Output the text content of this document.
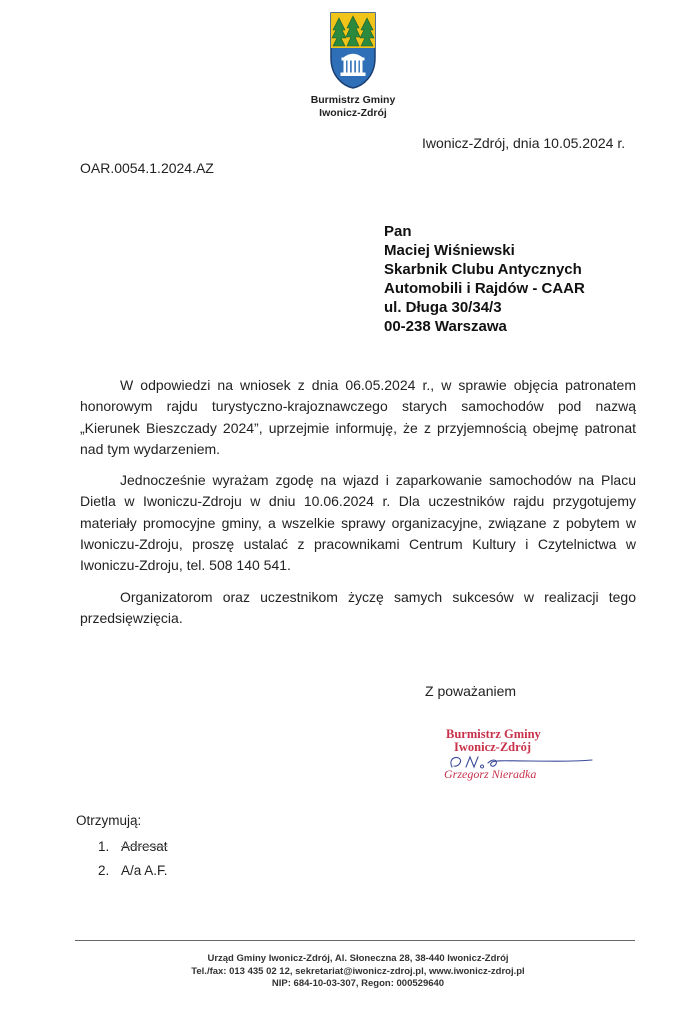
Burmistrz Gminy
Iwonicz-Zdrój
Iwonicz-Zdrój, dnia 10.05.2024 r.
OAR.0054.1.2024.AZ
Pan
Maciej Wiśniewski
Skarbnik Clubu Antycznych
Automobili i Rajdów - CAAR
ul. Długa 30/34/3
00-238 Warszawa

W odpowiedzi na wniosek z dnia 06.05.2024 r., w sprawie objęcia patronatem honorowym rajdu turystyczno-krajoznawczego starych samochodów pod nazwą „Kierunek Bieszczady 2024”, uprzejmie informuję, że z przyjemnością obejmę patronat nad tym wydarzeniem.

Jednocześnie wyrażam zgodę na wjazd i zaparkowanie samochodów na Placu Dietla w Iwoniczu-Zdroju w dniu 10.06.2024 r. Dla uczestników rajdu przygotujemy materiały promocyjne gminy, a wszelkie sprawy organizacyjne, związane z pobytem w Iwoniczu-Zdroju, proszę ustalać z pracownikami Centrum Kultury i Czytelnictwa w Iwoniczu-Zdroju, tel. 508 140 541.

Organizatorom oraz uczestnikom życzę samych sukcesów w realizacji tego przedsięwzięcia.

Z poważaniem
Burmistrz Gminy
Iwonicz-Zdrój
Grzegorz Nieradka
Otrzymują:
1. Adresat
2. A/a A.F.
Urząd Gminy Iwonicz-Zdrój, Al. Słoneczna 28, 38-440 Iwonicz-Zdrój
Tel./fax: 013 435 02 12, sekretariat@iwonicz-zdroj.pl, www.iwonicz-zdroj.pl
NIP: 684-10-03-307, Regon: 000529640
